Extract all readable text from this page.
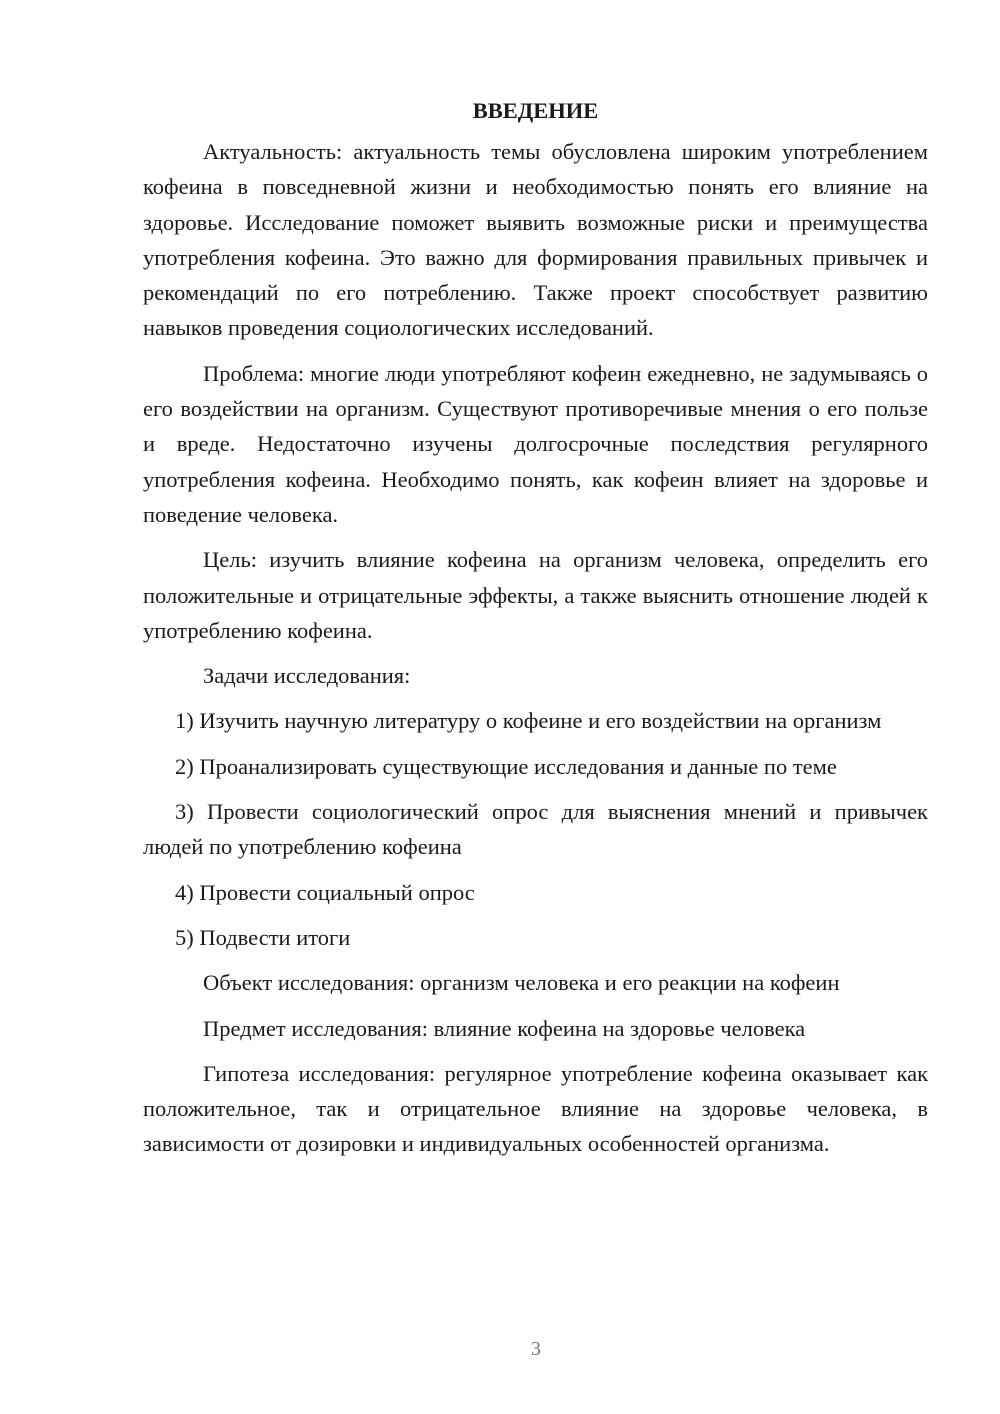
ВВЕДЕНИЕ

Актуальность: актуальность темы обусловлена широким употреблением кофеина в повседневной жизни и необходимостью понять его влияние на здоровье. Исследование поможет выявить возможные риски и преимущества употребления кофеина. Это важно для формирования правильных привычек и рекомендаций по его потреблению. Также проект способствует развитию навыков проведения социологических исследований.

Проблема: многие люди употребляют кофеин ежедневно, не задумываясь о его воздействии на организм. Существуют противоречивые мнения о его пользе и вреде. Недостаточно изучены долгосрочные последствия регулярного употребления кофеина. Необходимо понять, как кофеин влияет на здоровье и поведение человека.

Цель: изучить влияние кофеина на организм человека, определить его положительные и отрицательные эффекты, а также выяснить отношение людей к употреблению кофеина.

Задачи исследования:

1) Изучить научную литературу о кофеине и его воздействии на организм

2) Проанализировать существующие исследования и данные по теме

3) Провести социологический опрос для выяснения мнений и привычек людей по употреблению кофеина

4) Провести социальный опрос

5) Подвести итоги

Объект исследования: организм человека и его реакции на кофеин

Предмет исследования: влияние кофеина на здоровье человека

Гипотеза исследования: регулярное употребление кофеина оказывает как положительное, так и отрицательное влияние на здоровье человека, в зависимости от дозировки и индивидуальных особенностей организма.

3
